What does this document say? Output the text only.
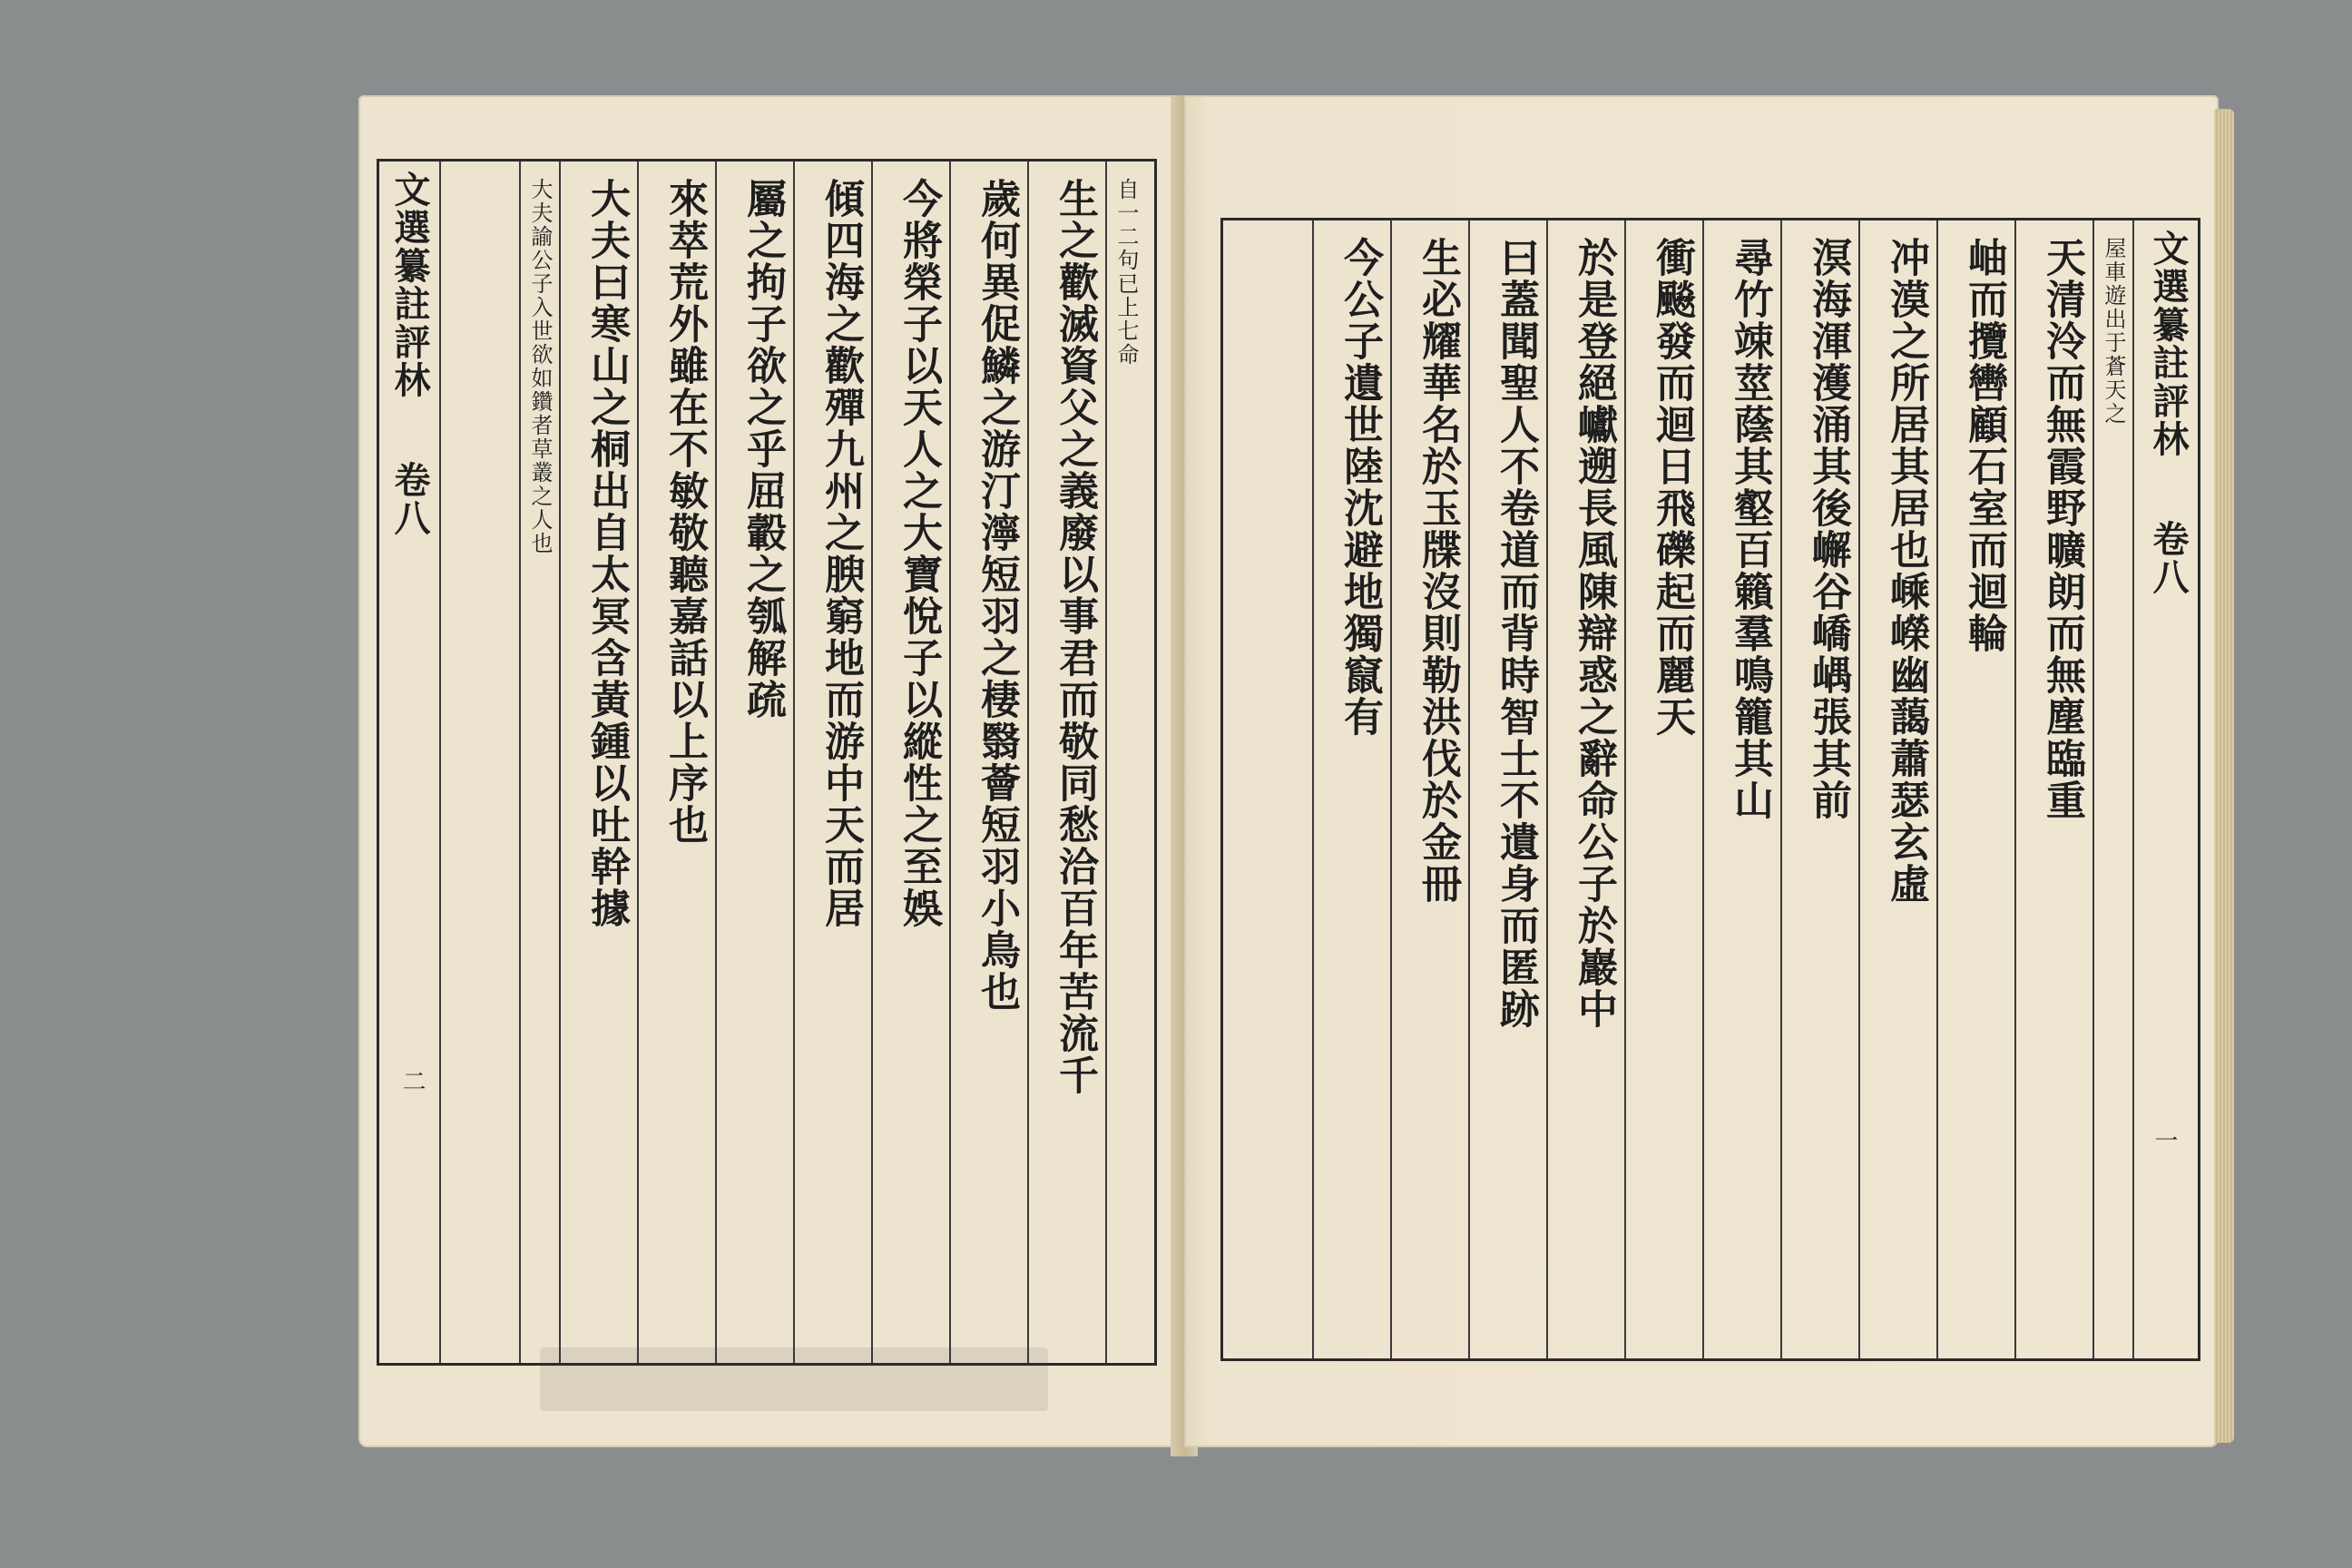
文選纂註評林
卷八
二
自一二句已上七命
生之歡滅資父之義廢以事君而敬同愁洽百年苦流千
歲何異促鱗之游汀濘短羽之棲翳薈短羽小鳥也
今將榮子以天人之大寶悅子以縱性之至娛
傾四海之歡殫九州之腴窮地而游中天而居
屬之拘子欲之乎屈轂之瓠解疏
來萃荒外雖在不敏敬聽嘉話以上序也
大夫曰寒山之桐出自太冥含黃鍾以吐幹據
大夫諭公子入世欲如鑽者草叢之人也	文選纂註評林
卷八
一
屋車遊出于蒼天之
天清泠而無霞野曠朗而無塵臨重
岫而攬轡顧石室而迴輪
冲漠之所居其居也嵊嶸幽藹蕭瑟玄虛
溟海渾濩涌其後嶰谷嶠嵎張其前
尋竹竦莖蔭其壑百籟羣鳴籠其山
衝飈發而迴日飛礫起而麗天
於是登絕巘遡長風陳辯惑之辭命公子於巖中
曰蓋聞聖人不卷道而背時智士不遺身而匿跡
生必耀華名於玉牒沒則勒洪伐於金冊
今公子遺世陸沈避地獨竄有
